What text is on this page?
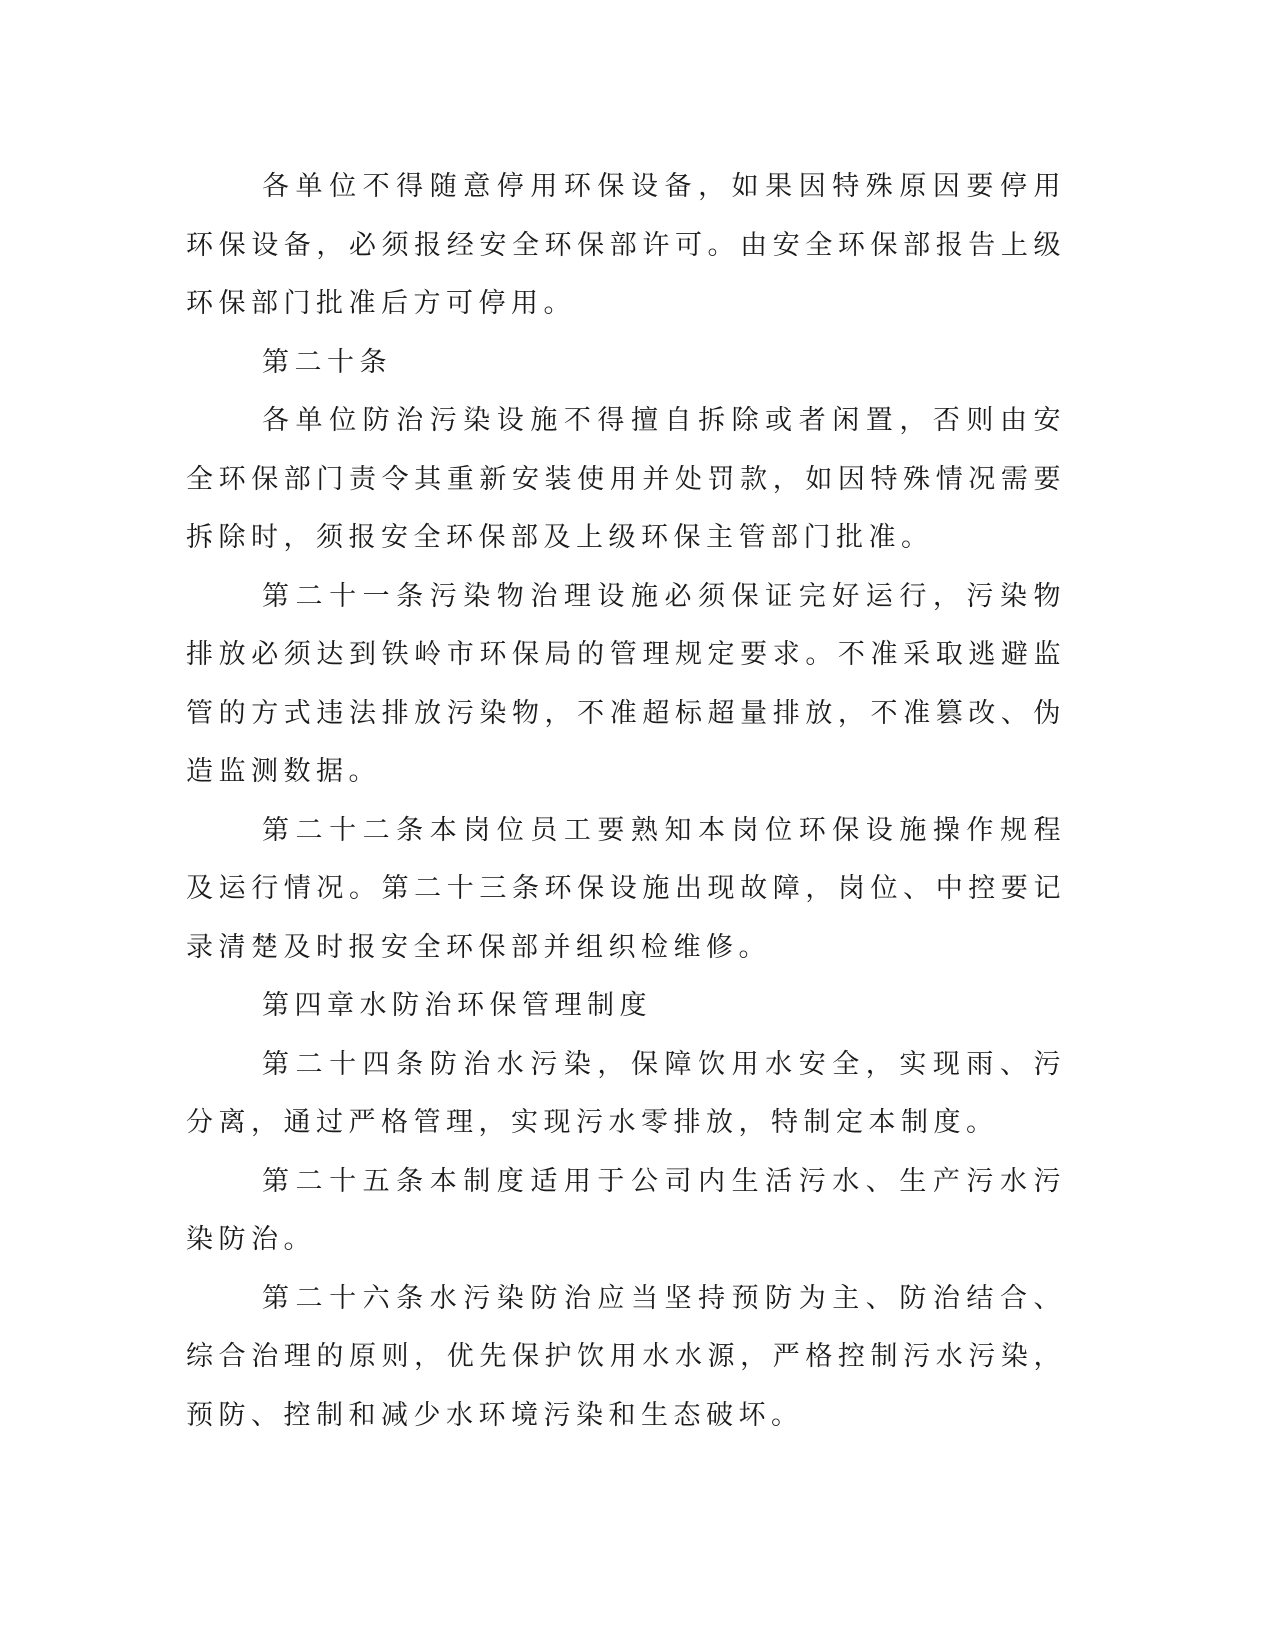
各单位不得随意停用环保设备，如果因特殊原因要停用环保设备，必须报经安全环保部许可。由安全环保部报告上级环保部门批准后方可停用。

第二十条

各单位防治污染设施不得擅自拆除或者闲置，否则由安全环保部门责令其重新安装使用并处罚款，如因特殊情况需要拆除时，须报安全环保部及上级环保主管部门批准。

第二十一条污染物治理设施必须保证完好运行，污染物排放必须达到铁岭市环保局的管理规定要求。不准采取逃避监管的方式违法排放污染物，不准超标超量排放，不准篡改、伪造监测数据。

第二十二条本岗位员工要熟知本岗位环保设施操作规程及运行情况。第二十三条环保设施出现故障，岗位、中控要记录清楚及时报安全环保部并组织检维修。

第四章水防治环保管理制度

第二十四条防治水污染，保障饮用水安全，实现雨、污分离，通过严格管理，实现污水零排放，特制定本制度。

第二十五条本制度适用于公司内生活污水、生产污水污染防治。

第二十六条水污染防治应当坚持预防为主、防治结合、综合治理的原则，优先保护饮用水水源，严格控制污水污染，预防、控制和减少水环境污染和生态破坏。
